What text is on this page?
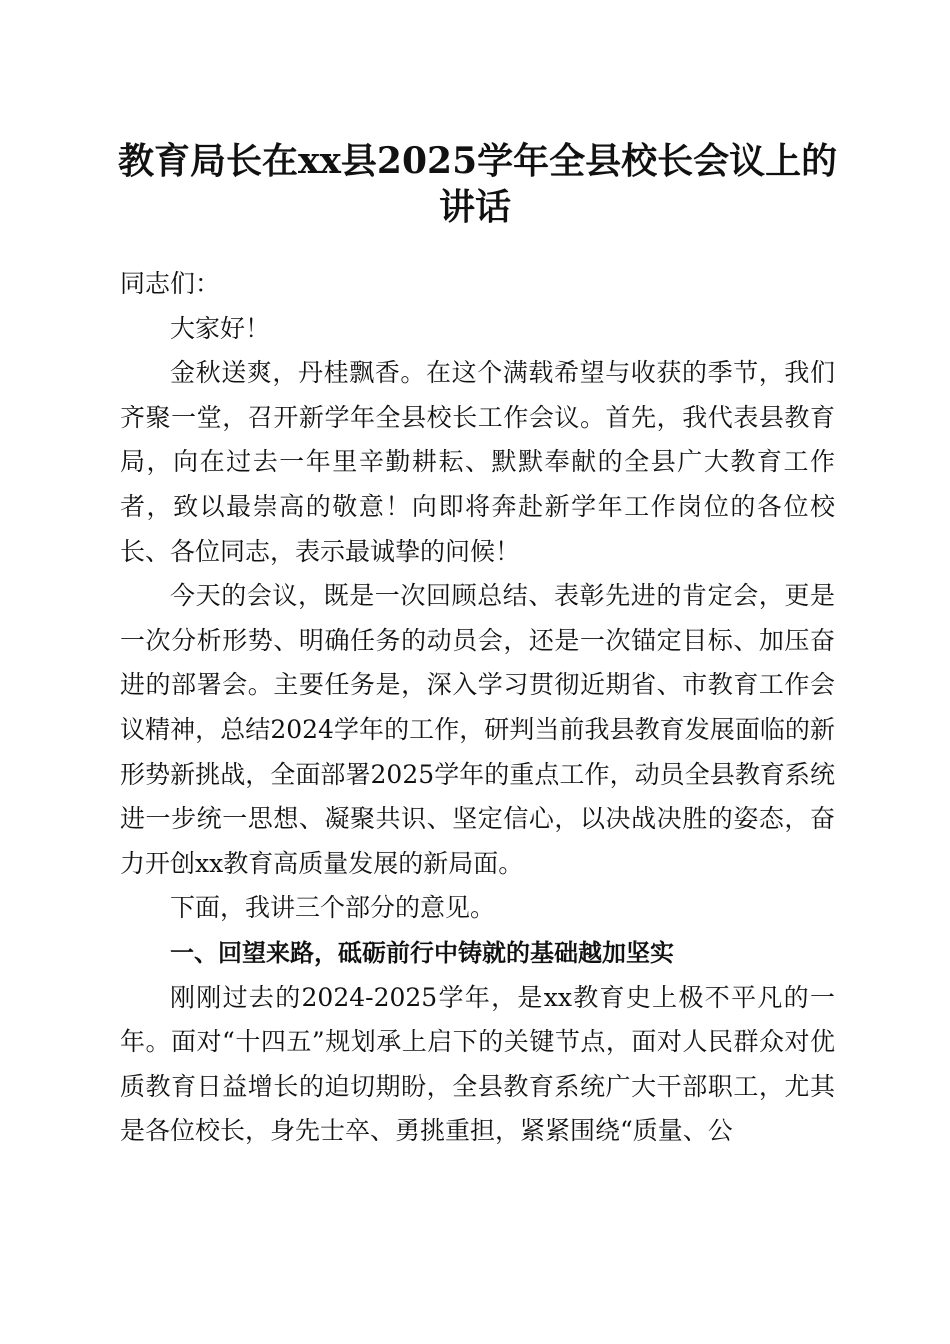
教育局长在xx县2025学年全县校长会议上的
讲话

同志们：

大家好！

金秋送爽，丹桂飘香。在这个满载希望与收获的季节，我们齐聚一堂，召开新学年全县校长工作会议。首先，我代表县教育局，向在过去一年里辛勤耕耘、默默奉献的全县广大教育工作者，致以最崇高的敬意！向即将奔赴新学年工作岗位的各位校长、各位同志，表示最诚挚的问候！

今天的会议，既是一次回顾总结、表彰先进的肯定会，更是一次分析形势、明确任务的动员会，还是一次锚定目标、加压奋进的部署会。主要任务是，深入学习贯彻近期省、市教育工作会议精神，总结2024学年的工作，研判当前我县教育发展面临的新形势新挑战，全面部署2025学年的重点工作，动员全县教育系统进一步统一思想、凝聚共识、坚定信心，以决战决胜的姿态，奋力开创xx教育高质量发展的新局面。

下面，我讲三个部分的意见。

一、回望来路，砥砺前行中铸就的基础越加坚实

刚刚过去的2024-2025学年，是xx教育史上极不平凡的一年。面对“十四五”规划承上启下的关键节点，面对人民群众对优质教育日益增长的迫切期盼，全县教育系统广大干部职工，尤其是各位校长，身先士卒、勇挑重担，紧紧围绕“质量、公
